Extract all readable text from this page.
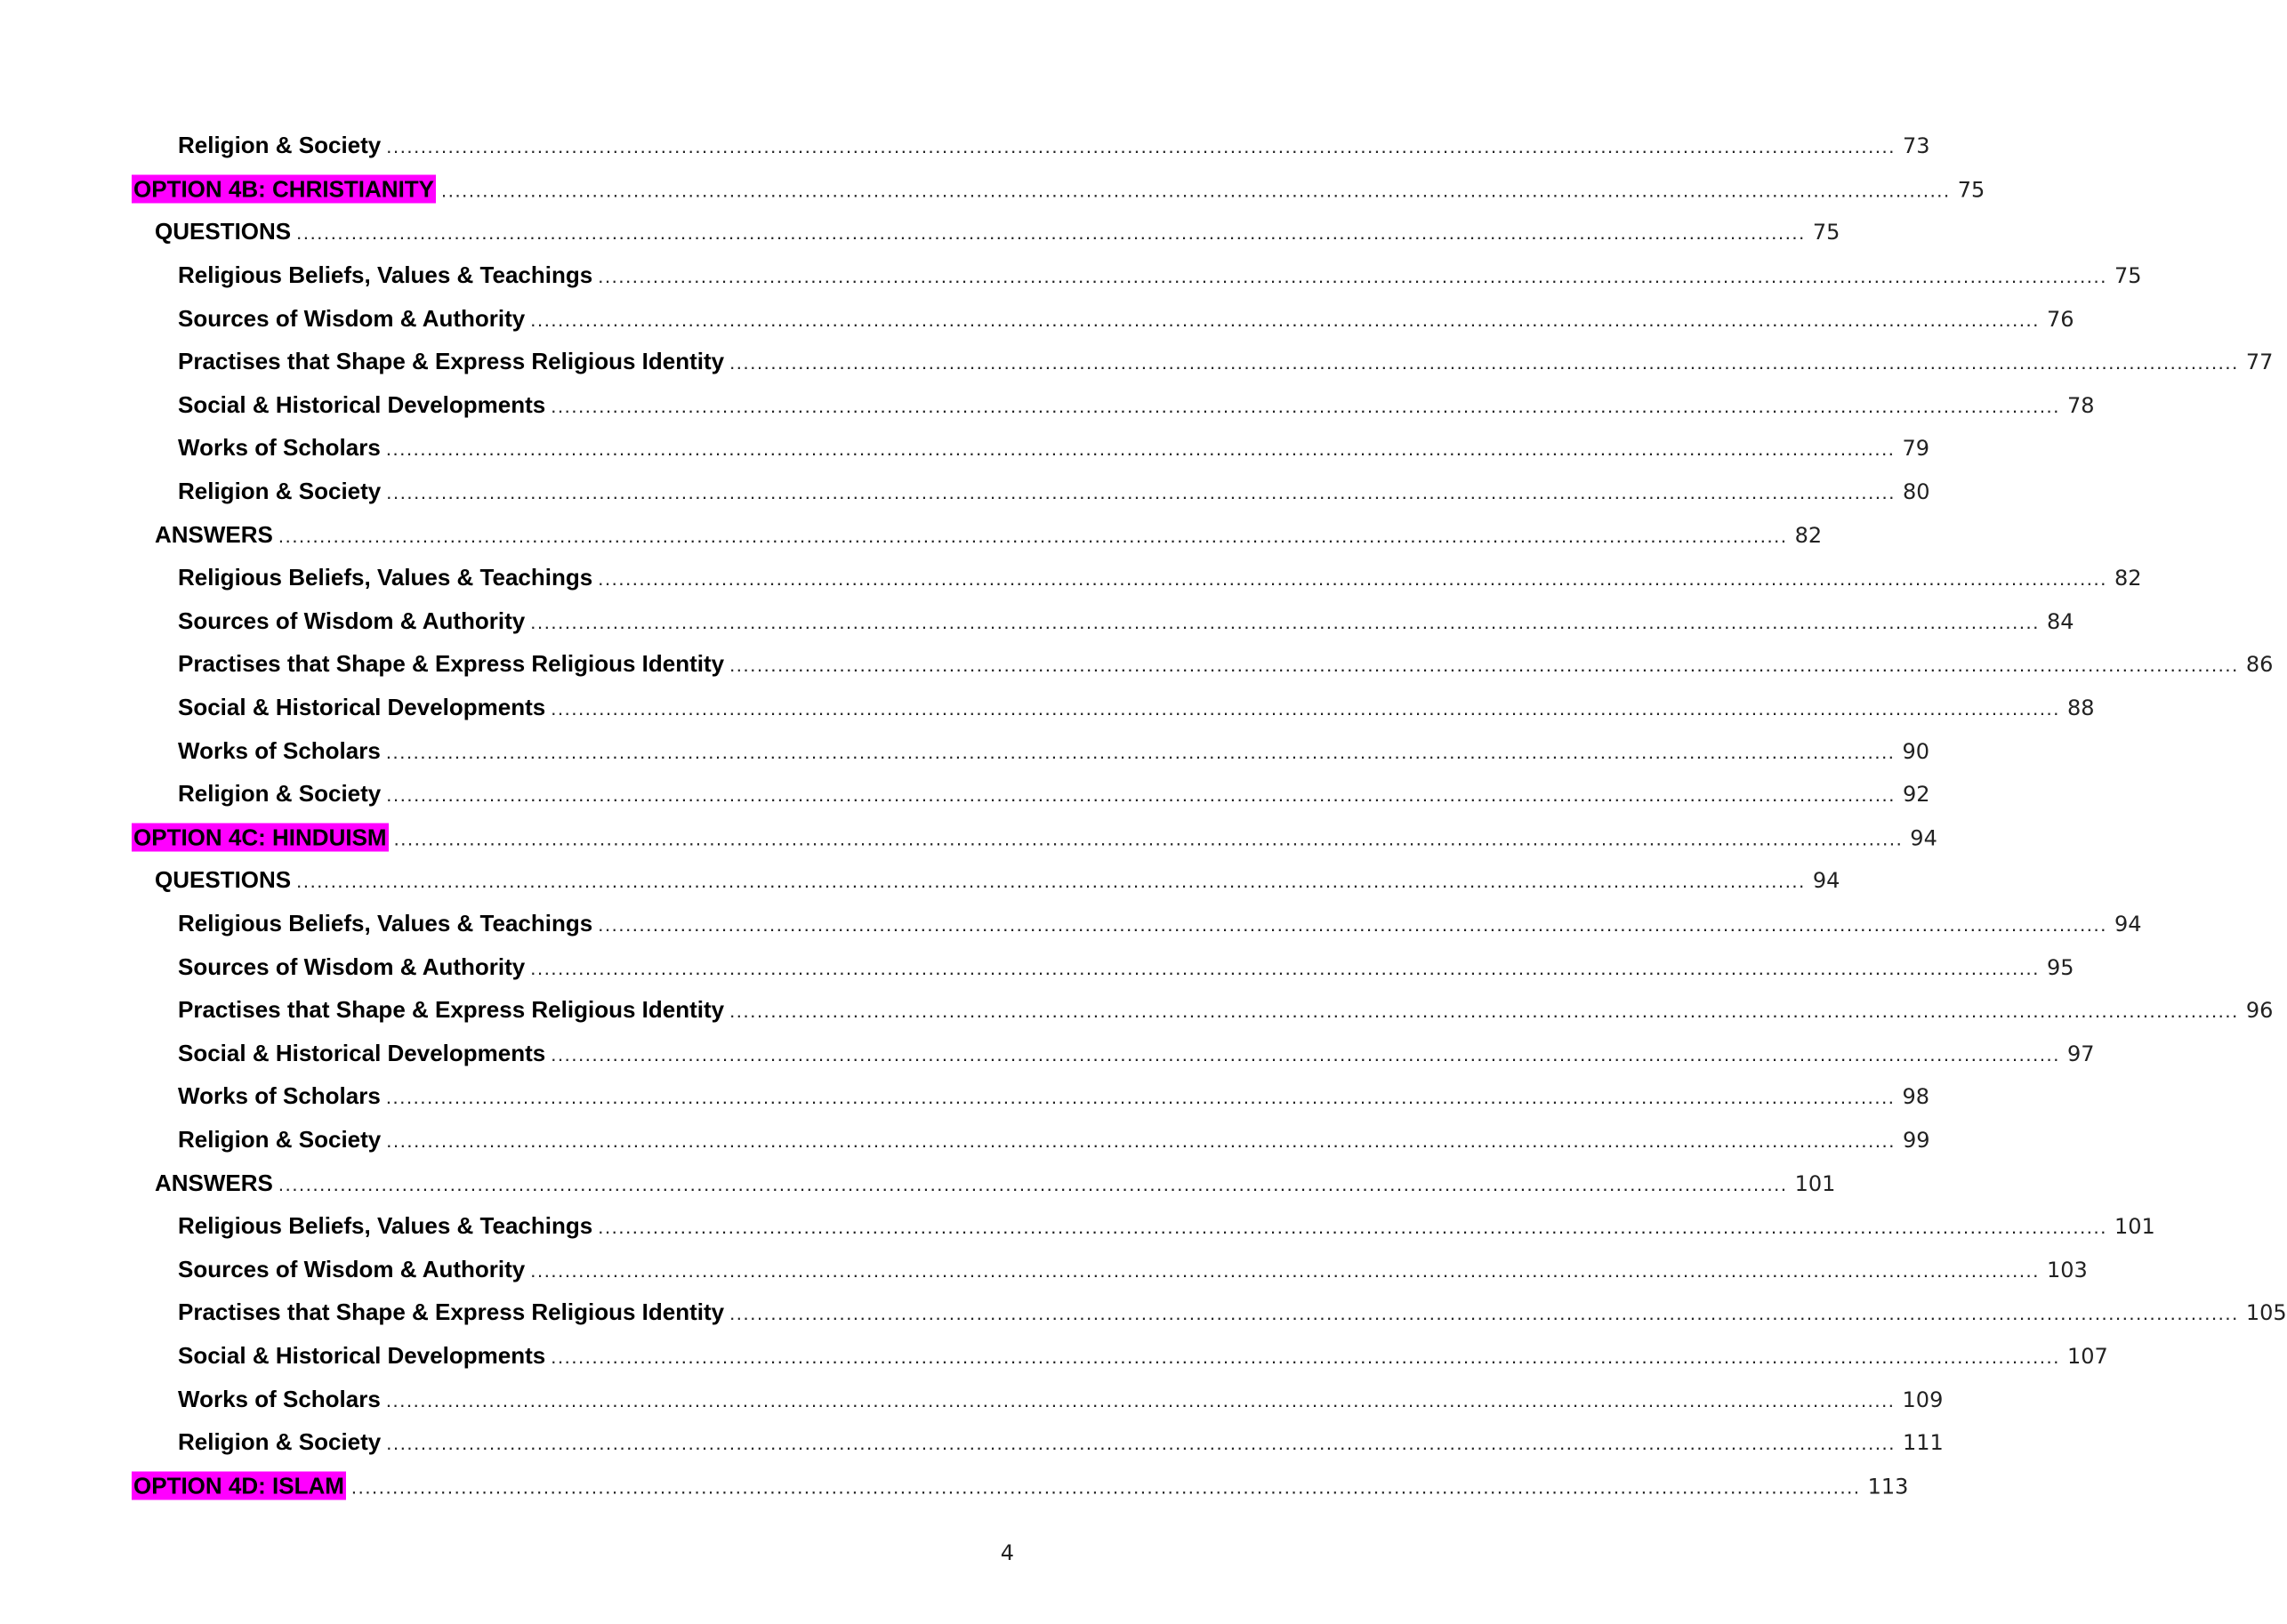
Religion & Society ............................................................................................................................................................................................................................ 73
OPTION 4B: CHRISTIANITY ............................................................................................................................................................................................................................ 75
QUESTIONS ............................................................................................................................................................................................................................ 75
Religious Beliefs, Values & Teachings ............................................................................................................................................................................................................................ 75
Sources of Wisdom & Authority ............................................................................................................................................................................................................................ 76
Practises that Shape & Express Religious Identity ............................................................................................................................................................................................................................ 77
Social & Historical Developments ............................................................................................................................................................................................................................ 78
Works of Scholars ............................................................................................................................................................................................................................ 79
Religion & Society ............................................................................................................................................................................................................................ 80
ANSWERS ............................................................................................................................................................................................................................ 82
Religious Beliefs, Values & Teachings ............................................................................................................................................................................................................................ 82
Sources of Wisdom & Authority ............................................................................................................................................................................................................................ 84
Practises that Shape & Express Religious Identity ............................................................................................................................................................................................................................ 86
Social & Historical Developments ............................................................................................................................................................................................................................ 88
Works of Scholars ............................................................................................................................................................................................................................ 90
Religion & Society ............................................................................................................................................................................................................................ 92
OPTION 4C: HINDUISM ............................................................................................................................................................................................................................ 94
QUESTIONS ............................................................................................................................................................................................................................ 94
Religious Beliefs, Values & Teachings ............................................................................................................................................................................................................................ 94
Sources of Wisdom & Authority ............................................................................................................................................................................................................................ 95
Practises that Shape & Express Religious Identity ............................................................................................................................................................................................................................ 96
Social & Historical Developments ............................................................................................................................................................................................................................ 97
Works of Scholars ............................................................................................................................................................................................................................ 98
Religion & Society ............................................................................................................................................................................................................................ 99
ANSWERS ............................................................................................................................................................................................................................ 101
Religious Beliefs, Values & Teachings ............................................................................................................................................................................................................................ 101
Sources of Wisdom & Authority ............................................................................................................................................................................................................................ 103
Practises that Shape & Express Religious Identity ............................................................................................................................................................................................................................ 105
Social & Historical Developments ............................................................................................................................................................................................................................ 107
Works of Scholars ............................................................................................................................................................................................................................ 109
Religion & Society ............................................................................................................................................................................................................................ 111
OPTION 4D: ISLAM ............................................................................................................................................................................................................................ 113
4
